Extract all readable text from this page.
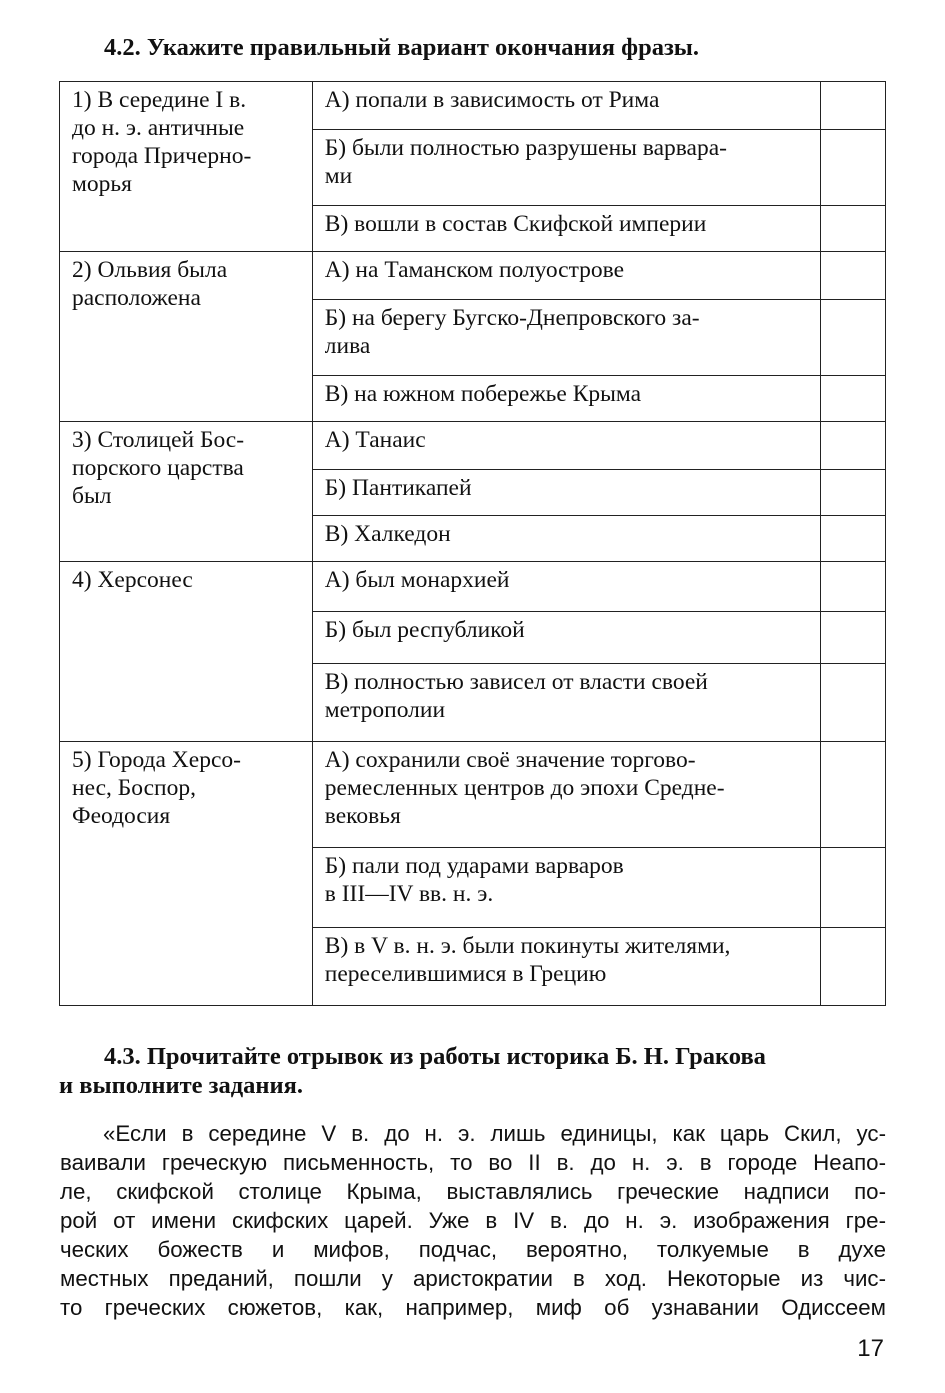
4.2. Укажите правильный вариант окончания фразы.
1) В середине I в.
до н. э. античные
города Причерно-
морья	А) попали в зависимость от Рима	
	Б) были полностью разрушены варвара-
ми	
	В) вошли в состав Скифской империи	
2) Ольвия была
расположена	А) на Таманском полуострове	
	Б) на берегу Бугско-Днепровского за-
лива	
	В) на южном побережье Крыма	
3) Столицей Бос-
порского царства
был	А) Танаис	
	Б) Пантикапей	
	В) Халкедон	
4) Херсонес	А) был монархией	
	Б) был республикой	
	В) полностью зависел от власти своей
метрополии	
5) Города Херсо-
нес, Боспор,
Феодосия	А) сохранили своё значение торгово-
ремесленных центров до эпохи Средне-
вековья	
	Б) пали под ударами варваров
в III—IV вв. н. э.	
	В) в V в. н. э. были покинуты жителями,
переселившимися в Грецию	
4.3. Прочитайте отрывок из работы историка Б. Н. Гракова
и выполните задания.
«Если в середине V в. до н. э. лишь единицы, как царь Скил, ус-
ваивали греческую письменность, то во II в. до н. э. в городе Неапо-
ле, скифской столице Крыма, выставлялись греческие надписи по-
рой от имени скифских царей. Уже в IV в. до н. э. изображения гре-
ческих божеств и мифов, подчас, вероятно, толкуемые в духе
местных преданий, пошли у аристократии в ход. Некоторые из чис-
то греческих сюжетов, как, например, миф об узнавании Одиссеем
17
